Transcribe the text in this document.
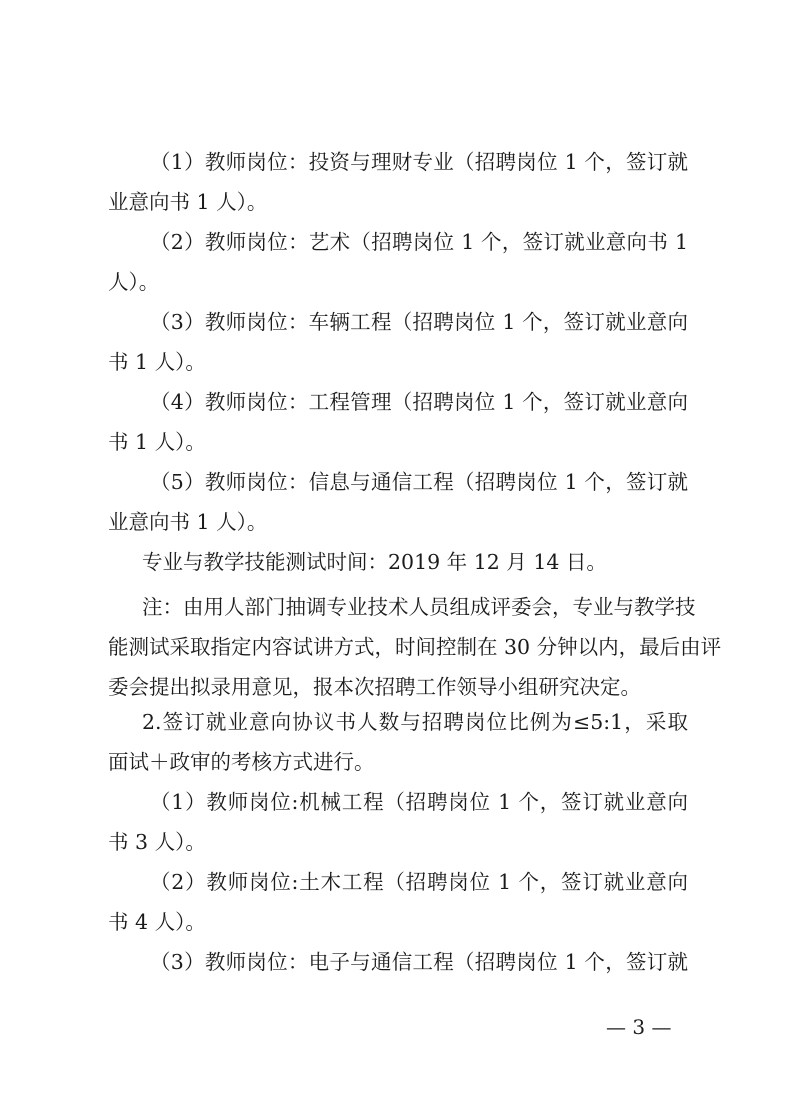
（1）教师岗位：投资与理财专业（招聘岗位 1 个，签订就
业意向书 1 人）。
（2）教师岗位：艺术（招聘岗位 1 个，签订就业意向书 1
人）。
（3）教师岗位：车辆工程（招聘岗位 1 个，签订就业意向
书 1 人）。
（4）教师岗位：工程管理（招聘岗位 1 个，签订就业意向
书 1 人）。
（5）教师岗位：信息与通信工程（招聘岗位 1 个，签订就
业意向书 1 人）。
专业与教学技能测试时间：2019 年 12 月 14 日。
注：由用人部门抽调专业技术人员组成评委会，专业与教学技
能测试采取指定内容试讲方式，时间控制在 30 分钟以内，最后由评
委会提出拟录用意见，报本次招聘工作领导小组研究决定。
2.签订就业意向协议书人数与招聘岗位比例为≤5:1，采取
面试＋政审的考核方式进行。
（1）教师岗位:机械工程（招聘岗位 1 个，签订就业意向
书 3 人）。
（2）教师岗位:土木工程（招聘岗位 1 个，签订就业意向
书 4 人）。
（3）教师岗位：电子与通信工程（招聘岗位 1 个，签订就
— 3 —
